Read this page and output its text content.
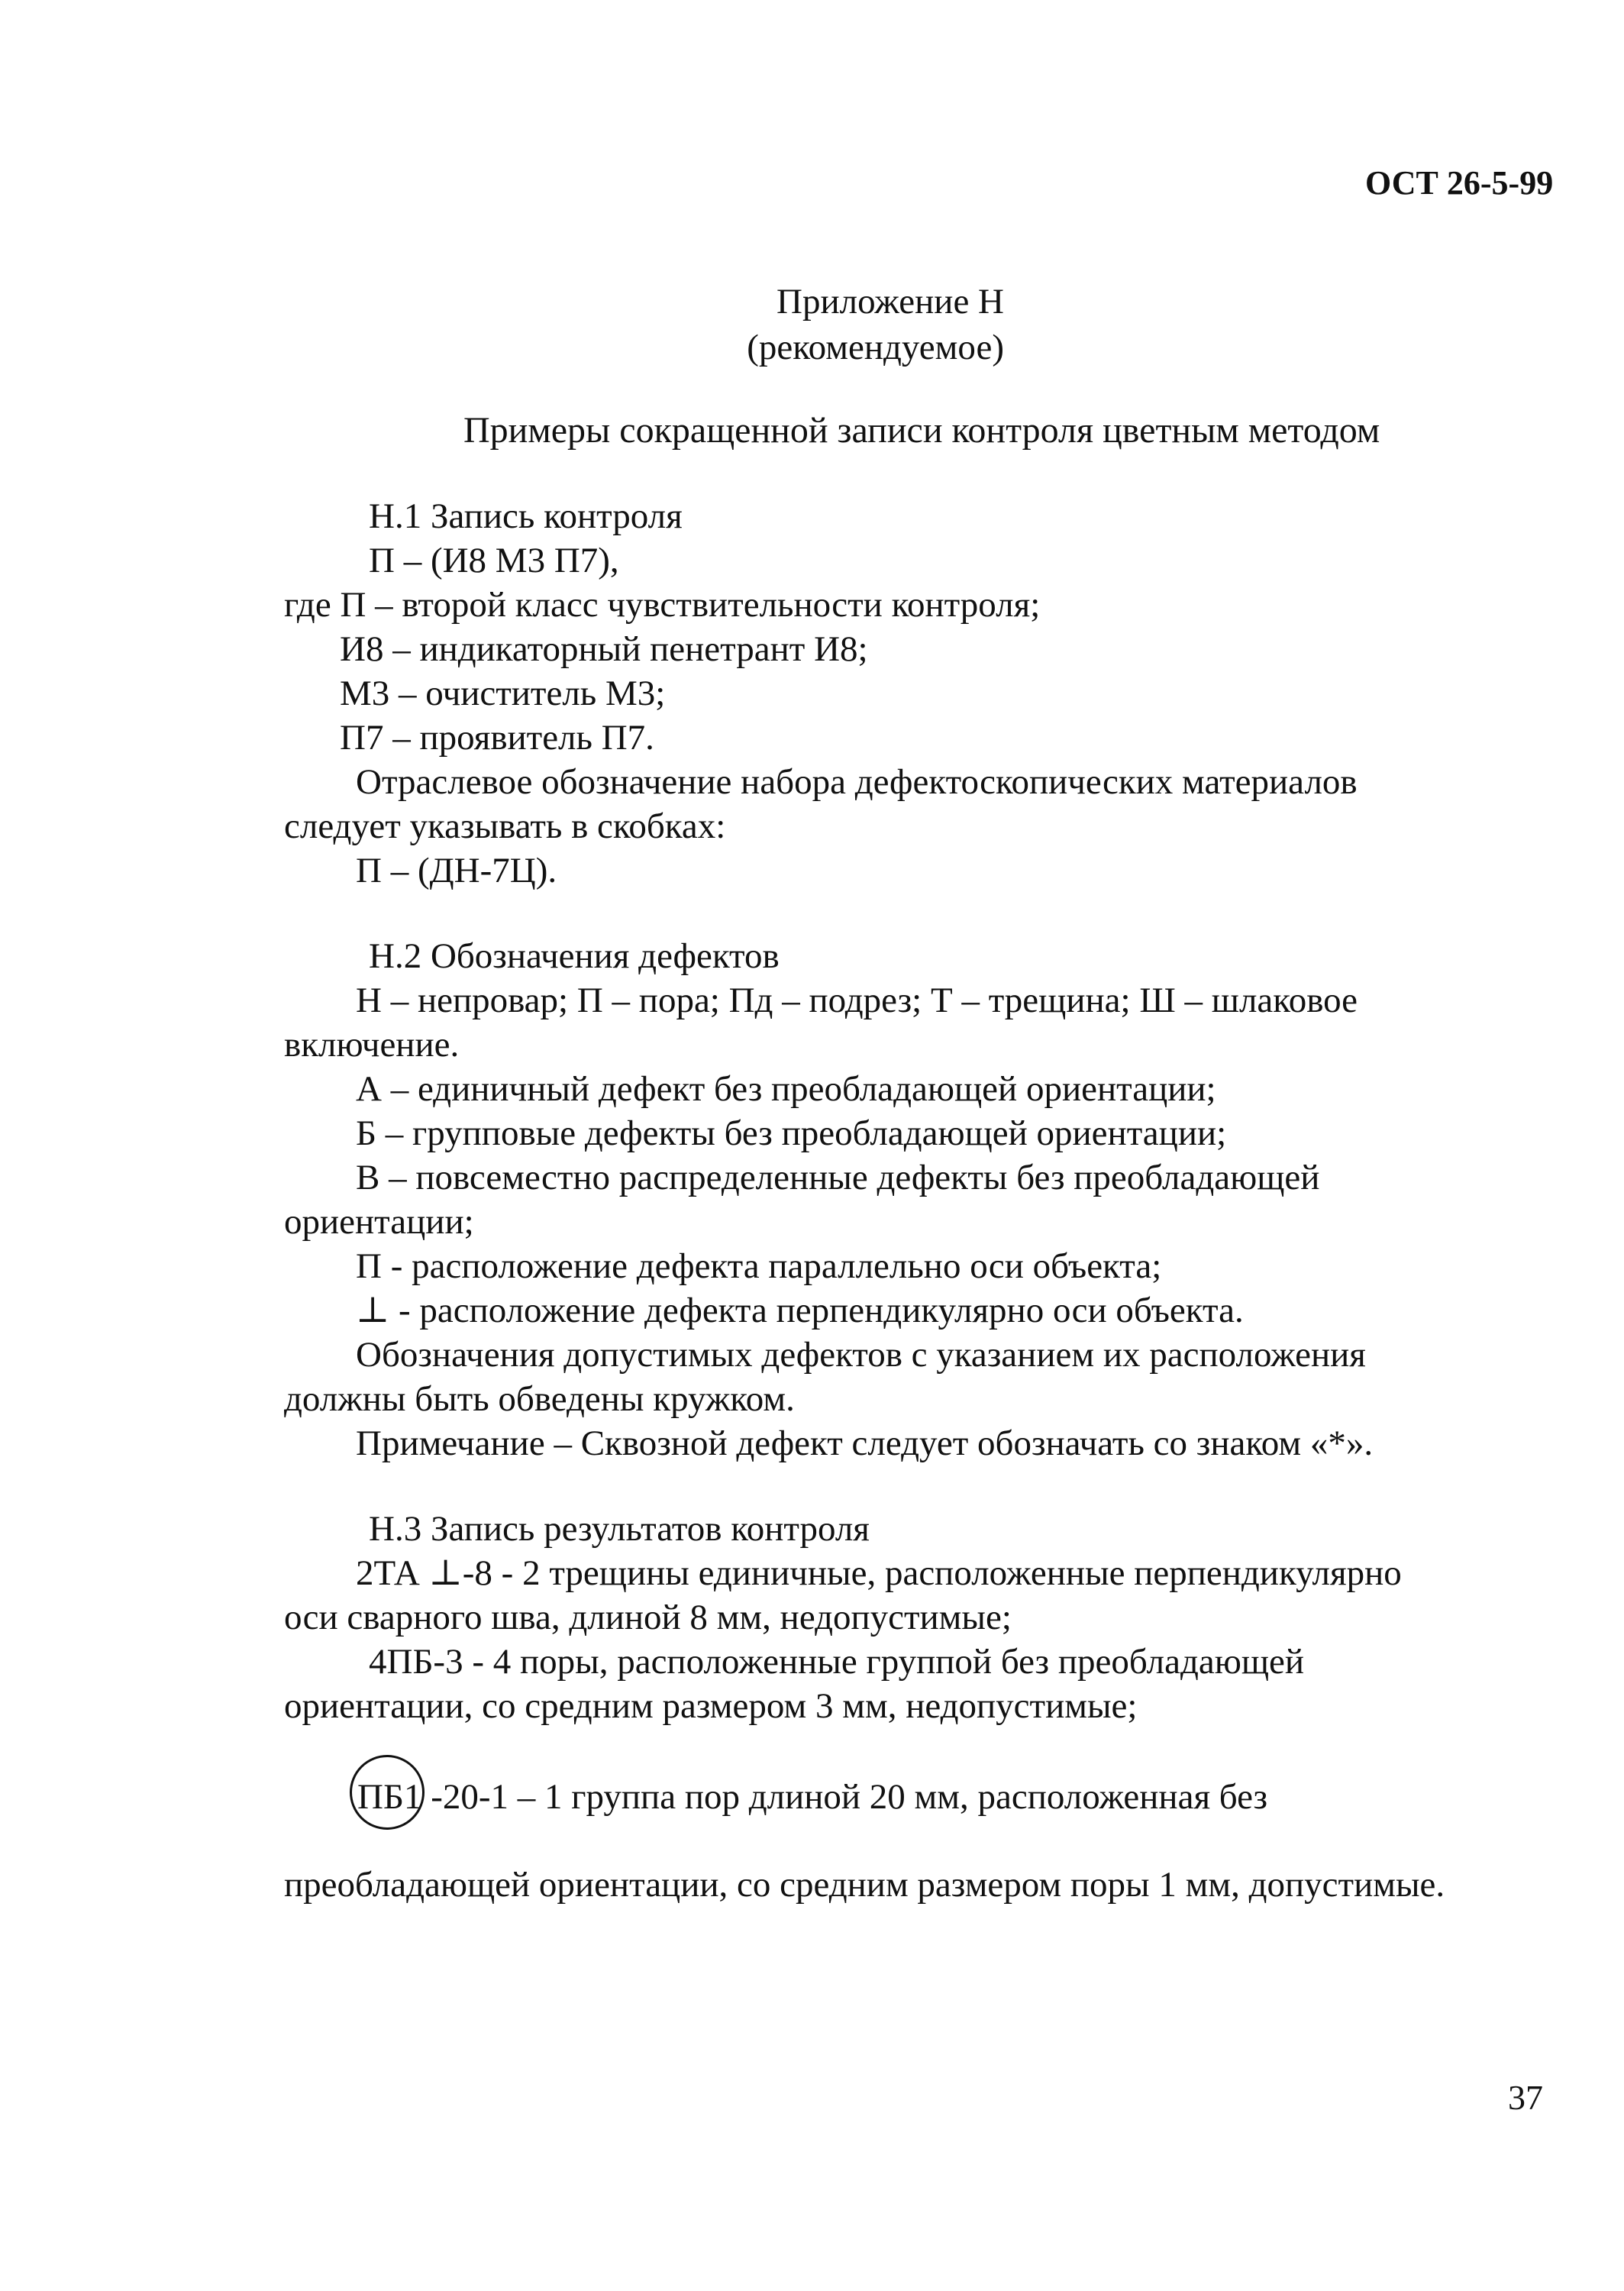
ОСТ 26-5-99
Приложение Н
(рекомендуемое)
Примеры сокращенной записи контроля цветным методом
Н.1 Запись контроля
П – (И8 М3 П7),
где П – второй класс чувствительности контроля;
И8 – индикаторный пенетрант И8;
М3 – очиститель М3;
П7 – проявитель П7.
Отраслевое обозначение набора дефектоскопических материалов
следует указывать в скобках:
П – (ДН-7Ц).
Н.2 Обозначения дефектов
Н – непровар; П – пора; Пд – подрез; Т – трещина; Ш – шлаковое
включение.
А – единичный дефект без преобладающей ориентации;
Б – групповые дефекты без преобладающей ориентации;
В – повсеместно распределенные дефекты без преобладающей
ориентации;
П - расположение дефекта параллельно оси объекта;
⊥ - расположение дефекта перпендикулярно оси объекта.
Обозначения допустимых дефектов с указанием их расположения
должны быть обведены кружком.
Примечание – Сквозной дефект следует обозначать со знаком «*».
Н.3 Запись результатов контроля
2ТА ⊥-8 - 2 трещины единичные, расположенные перпендикулярно
оси сварного шва, длиной 8 мм, недопустимые;
4ПБ-3 - 4 поры, расположенные группой без преобладающей
ориентации, со средним размером 3 мм, недопустимые;
ПБ1 -20-1 – 1 группа пор длиной 20 мм, расположенная без
преобладающей ориентации, со средним размером поры 1 мм, допустимые.
37
